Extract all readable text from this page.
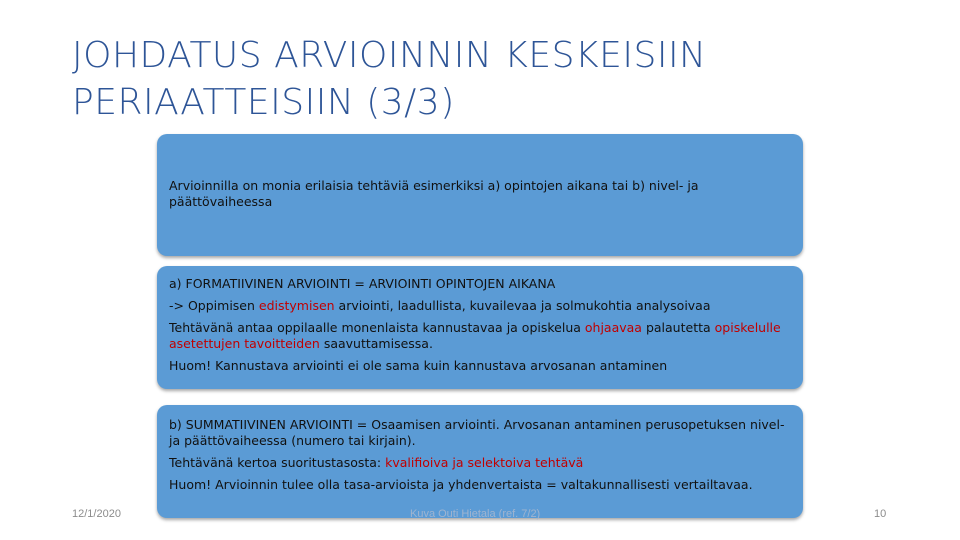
JOHDATUS ARVIOINNIN KESKEISIIN
PERIAATTEISIIN (3/3)

Arvioinnilla on monia erilaisia tehtäviä esimerkiksi a) opintojen aikana tai b) nivel- ja päättövaiheessa

a) FORMATIIVINEN ARVIOINTI = ARVIOINTI OPINTOJEN AIKANA

-> Oppimisen edistymisen arviointi, laadullista, kuvailevaa ja solmukohtia analysoivaa

Tehtävänä antaa oppilaalle monenlaista kannustavaa ja opiskelua ohjaavaa palautetta opiskelulle asetettujen tavoitteiden saavuttamisessa.

Huom! Kannustava arviointi ei ole sama kuin kannustava arvosanan antaminen

b) SUMMATIIVINEN ARVIOINTI = Osaamisen arviointi. Arvosanan antaminen perusopetuksen nivel-ja päättövaiheessa (numero tai kirjain).

Tehtävänä kertoa suoritustasosta: kvalifioiva ja selektoiva tehtävä

Huom! Arvioinnin tulee olla tasa-arvioista ja yhdenvertaista = valtakunnallisesti vertailtavaa.

12/1/2020	Kuva Outi Hietala (ref. 7/2)	10
